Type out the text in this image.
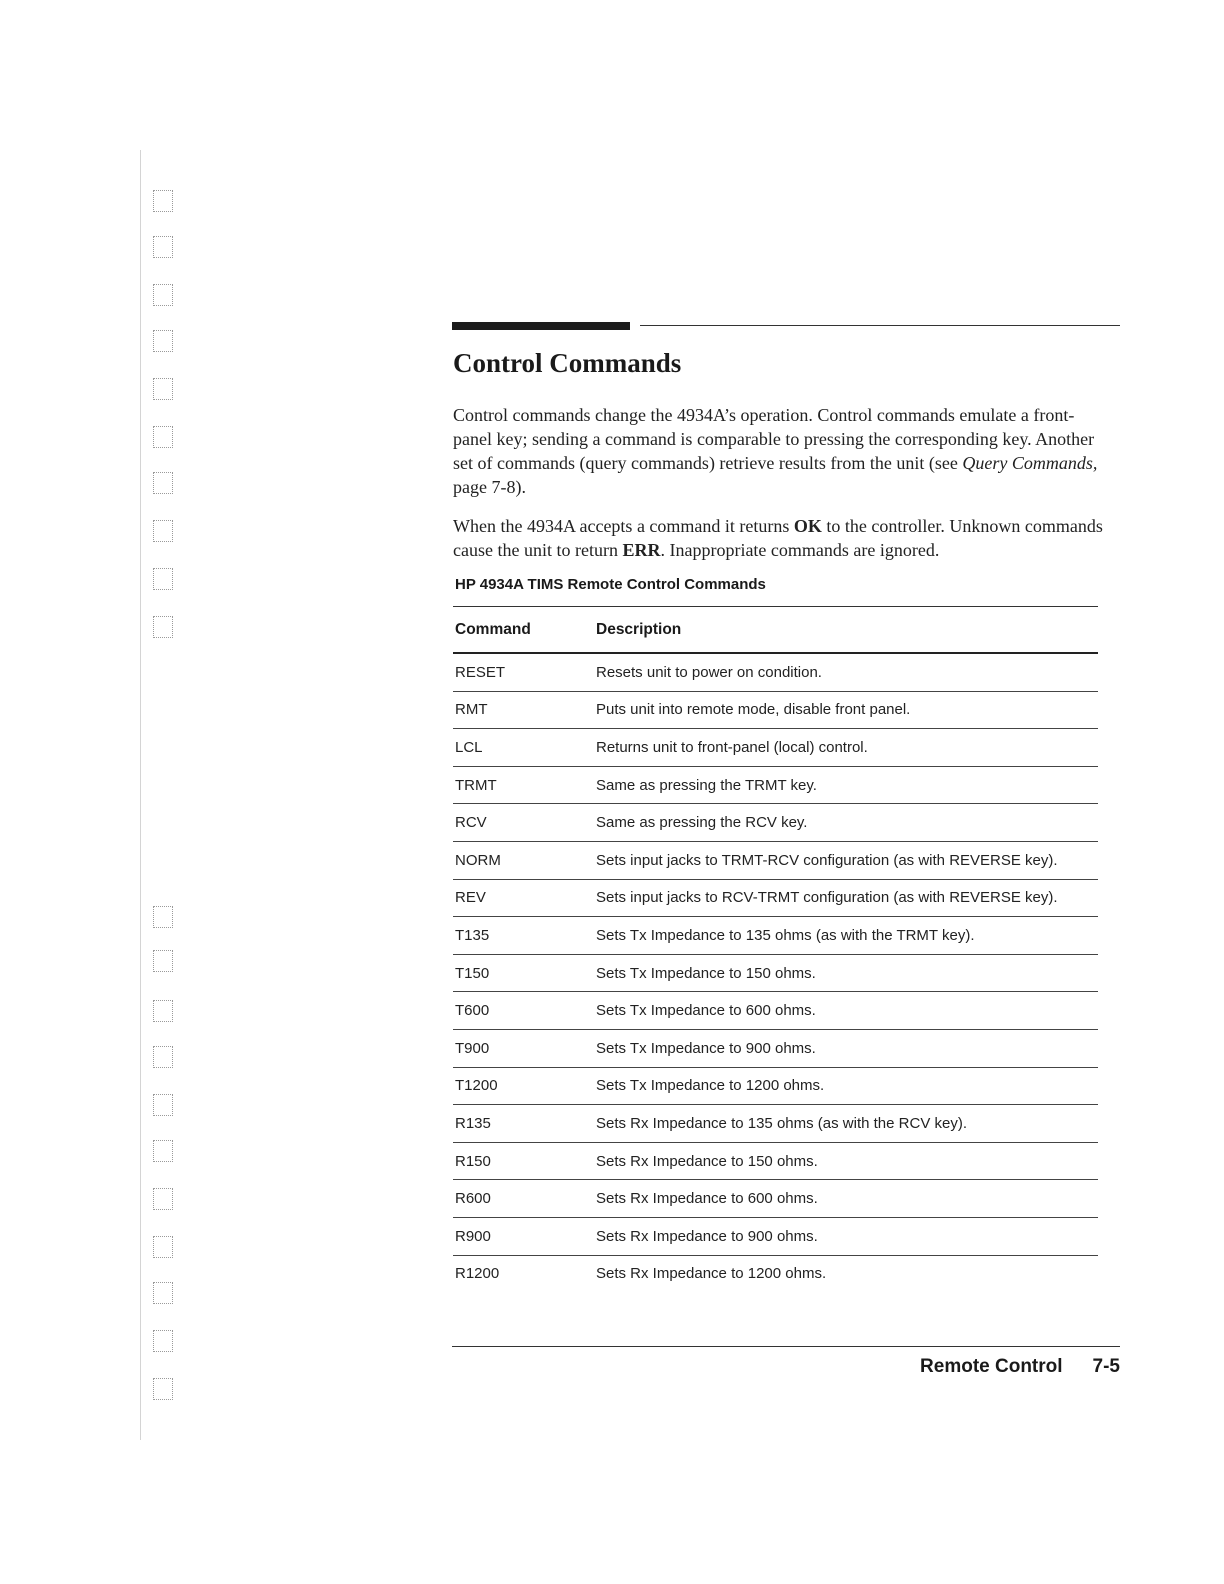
Control Commands

Control commands change the 4934A’s operation. Control commands emulate a front-panel key; sending a command is comparable to pressing the corresponding key. Another set of commands (query commands) retrieve results from the unit (see Query Commands, page 7-8).

When the 4934A accepts a command it returns OK to the controller. Unknown commands cause the unit to return ERR. Inappropriate commands are ignored.

HP 4934A TIMS Remote Control Commands

Command	Description
RESET	Resets unit to power on condition.
RMT	Puts unit into remote mode, disable front panel.
LCL	Returns unit to front-panel (local) control.
TRMT	Same as pressing the TRMT key.
RCV	Same as pressing the RCV key.
NORM	Sets input jacks to TRMT-RCV configuration (as with REVERSE key).
REV	Sets input jacks to RCV-TRMT configuration (as with REVERSE key).
T135	Sets Tx Impedance to 135 ohms (as with the TRMT key).
T150	Sets Tx Impedance to 150 ohms.
T600	Sets Tx Impedance to 600 ohms.
T900	Sets Tx Impedance to 900 ohms.
T1200	Sets Tx Impedance to 1200 ohms.
R135	Sets Rx Impedance to 135 ohms (as with the RCV key).
R150	Sets Rx Impedance to 150 ohms.
R600	Sets Rx Impedance to 600 ohms.
R900	Sets Rx Impedance to 900 ohms.
R1200	Sets Rx Impedance to 1200 ohms.

Remote Control 7-5
